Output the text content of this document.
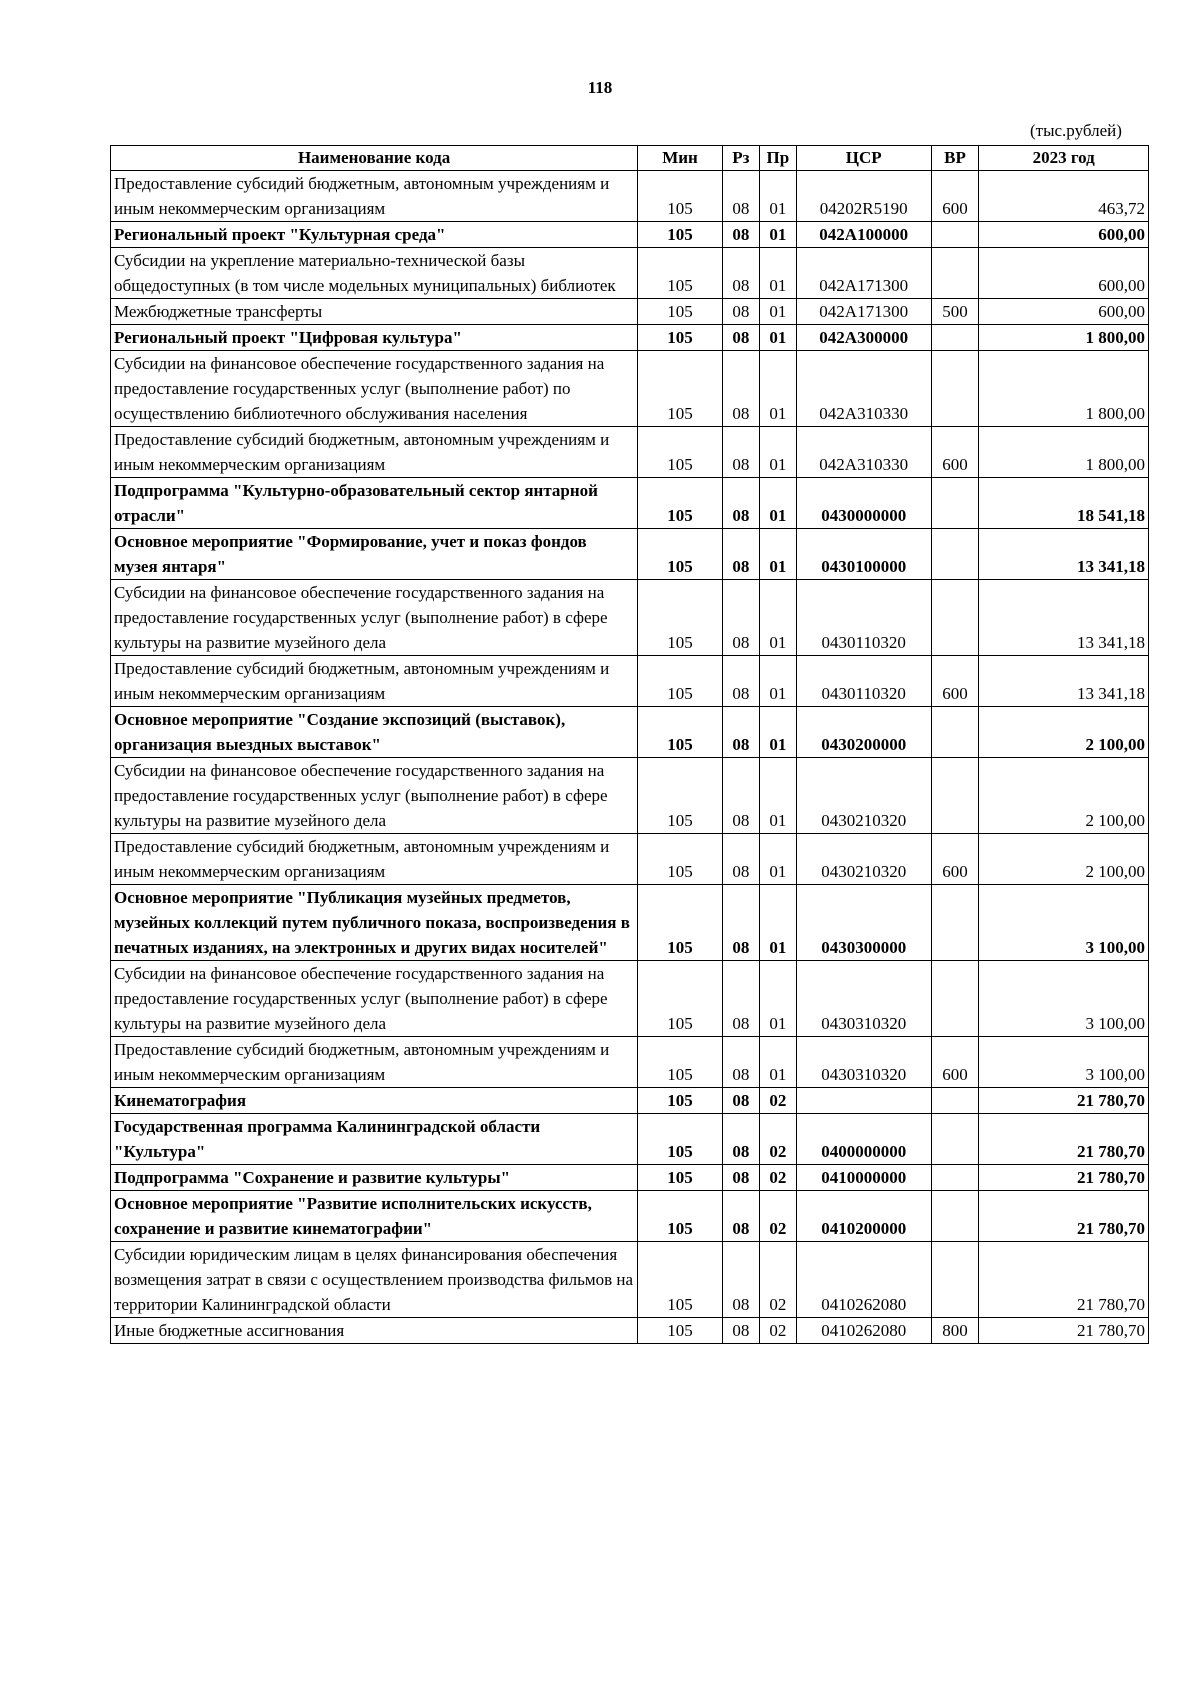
118
(тыс.рублей)
Наименование кода	Мин	Рз	Пр	ЦСР	ВР	2023 год
Предоставление субсидий бюджетным, автономным учреждениям и иным некоммерческим организациям	105	08	01	04202R5190	600	463,72
Региональный проект "Культурная среда"	105	08	01	042A100000		600,00
Субсидии на укрепление материально-технической базы общедоступных (в том числе модельных муниципальных) библиотек	105	08	01	042A171300		600,00
Межбюджетные трансферты	105	08	01	042A171300	500	600,00
Региональный проект "Цифровая культура"	105	08	01	042A300000		1 800,00
Субсидии на финансовое обеспечение государственного задания на предоставление государственных услуг (выполнение работ) по осуществлению библиотечного обслуживания населения	105	08	01	042A310330		1 800,00
Предоставление субсидий бюджетным, автономным учреждениям и иным некоммерческим организациям	105	08	01	042A310330	600	1 800,00
Подпрограмма "Культурно-образовательный сектор янтарной отрасли"	105	08	01	0430000000		18 541,18
Основное мероприятие "Формирование, учет и показ фондов музея янтаря"	105	08	01	0430100000		13 341,18
Субсидии на финансовое обеспечение государственного задания на предоставление государственных услуг (выполнение работ) в сфере культуры на развитие музейного дела	105	08	01	0430110320		13 341,18
Предоставление субсидий бюджетным, автономным учреждениям и иным некоммерческим организациям	105	08	01	0430110320	600	13 341,18
Основное мероприятие "Создание экспозиций (выставок), организация выездных выставок"	105	08	01	0430200000		2 100,00
Субсидии на финансовое обеспечение государственного задания на предоставление государственных услуг (выполнение работ) в сфере культуры на развитие музейного дела	105	08	01	0430210320		2 100,00
Предоставление субсидий бюджетным, автономным учреждениям и иным некоммерческим организациям	105	08	01	0430210320	600	2 100,00
Основное мероприятие "Публикация музейных предметов, музейных коллекций путем публичного показа, воспроизведения в печатных изданиях, на электронных и других видах носителей"	105	08	01	0430300000		3 100,00
Субсидии на финансовое обеспечение государственного задания на предоставление государственных услуг (выполнение работ) в сфере культуры на развитие музейного дела	105	08	01	0430310320		3 100,00
Предоставление субсидий бюджетным, автономным учреждениям и иным некоммерческим организациям	105	08	01	0430310320	600	3 100,00
Кинематография	105	08	02			21 780,70
Государственная программа Калининградской области "Культура"	105	08	02	0400000000		21 780,70
Подпрограмма "Сохранение и развитие культуры"	105	08	02	0410000000		21 780,70
Основное мероприятие "Развитие исполнительских искусств, сохранение и развитие кинематографии"	105	08	02	0410200000		21 780,70
Субсидии юридическим лицам в целях финансирования обеспечения возмещения затрат в связи с осуществлением производства фильмов на территории Калининградской области	105	08	02	0410262080		21 780,70
Иные бюджетные ассигнования	105	08	02	0410262080	800	21 780,70
